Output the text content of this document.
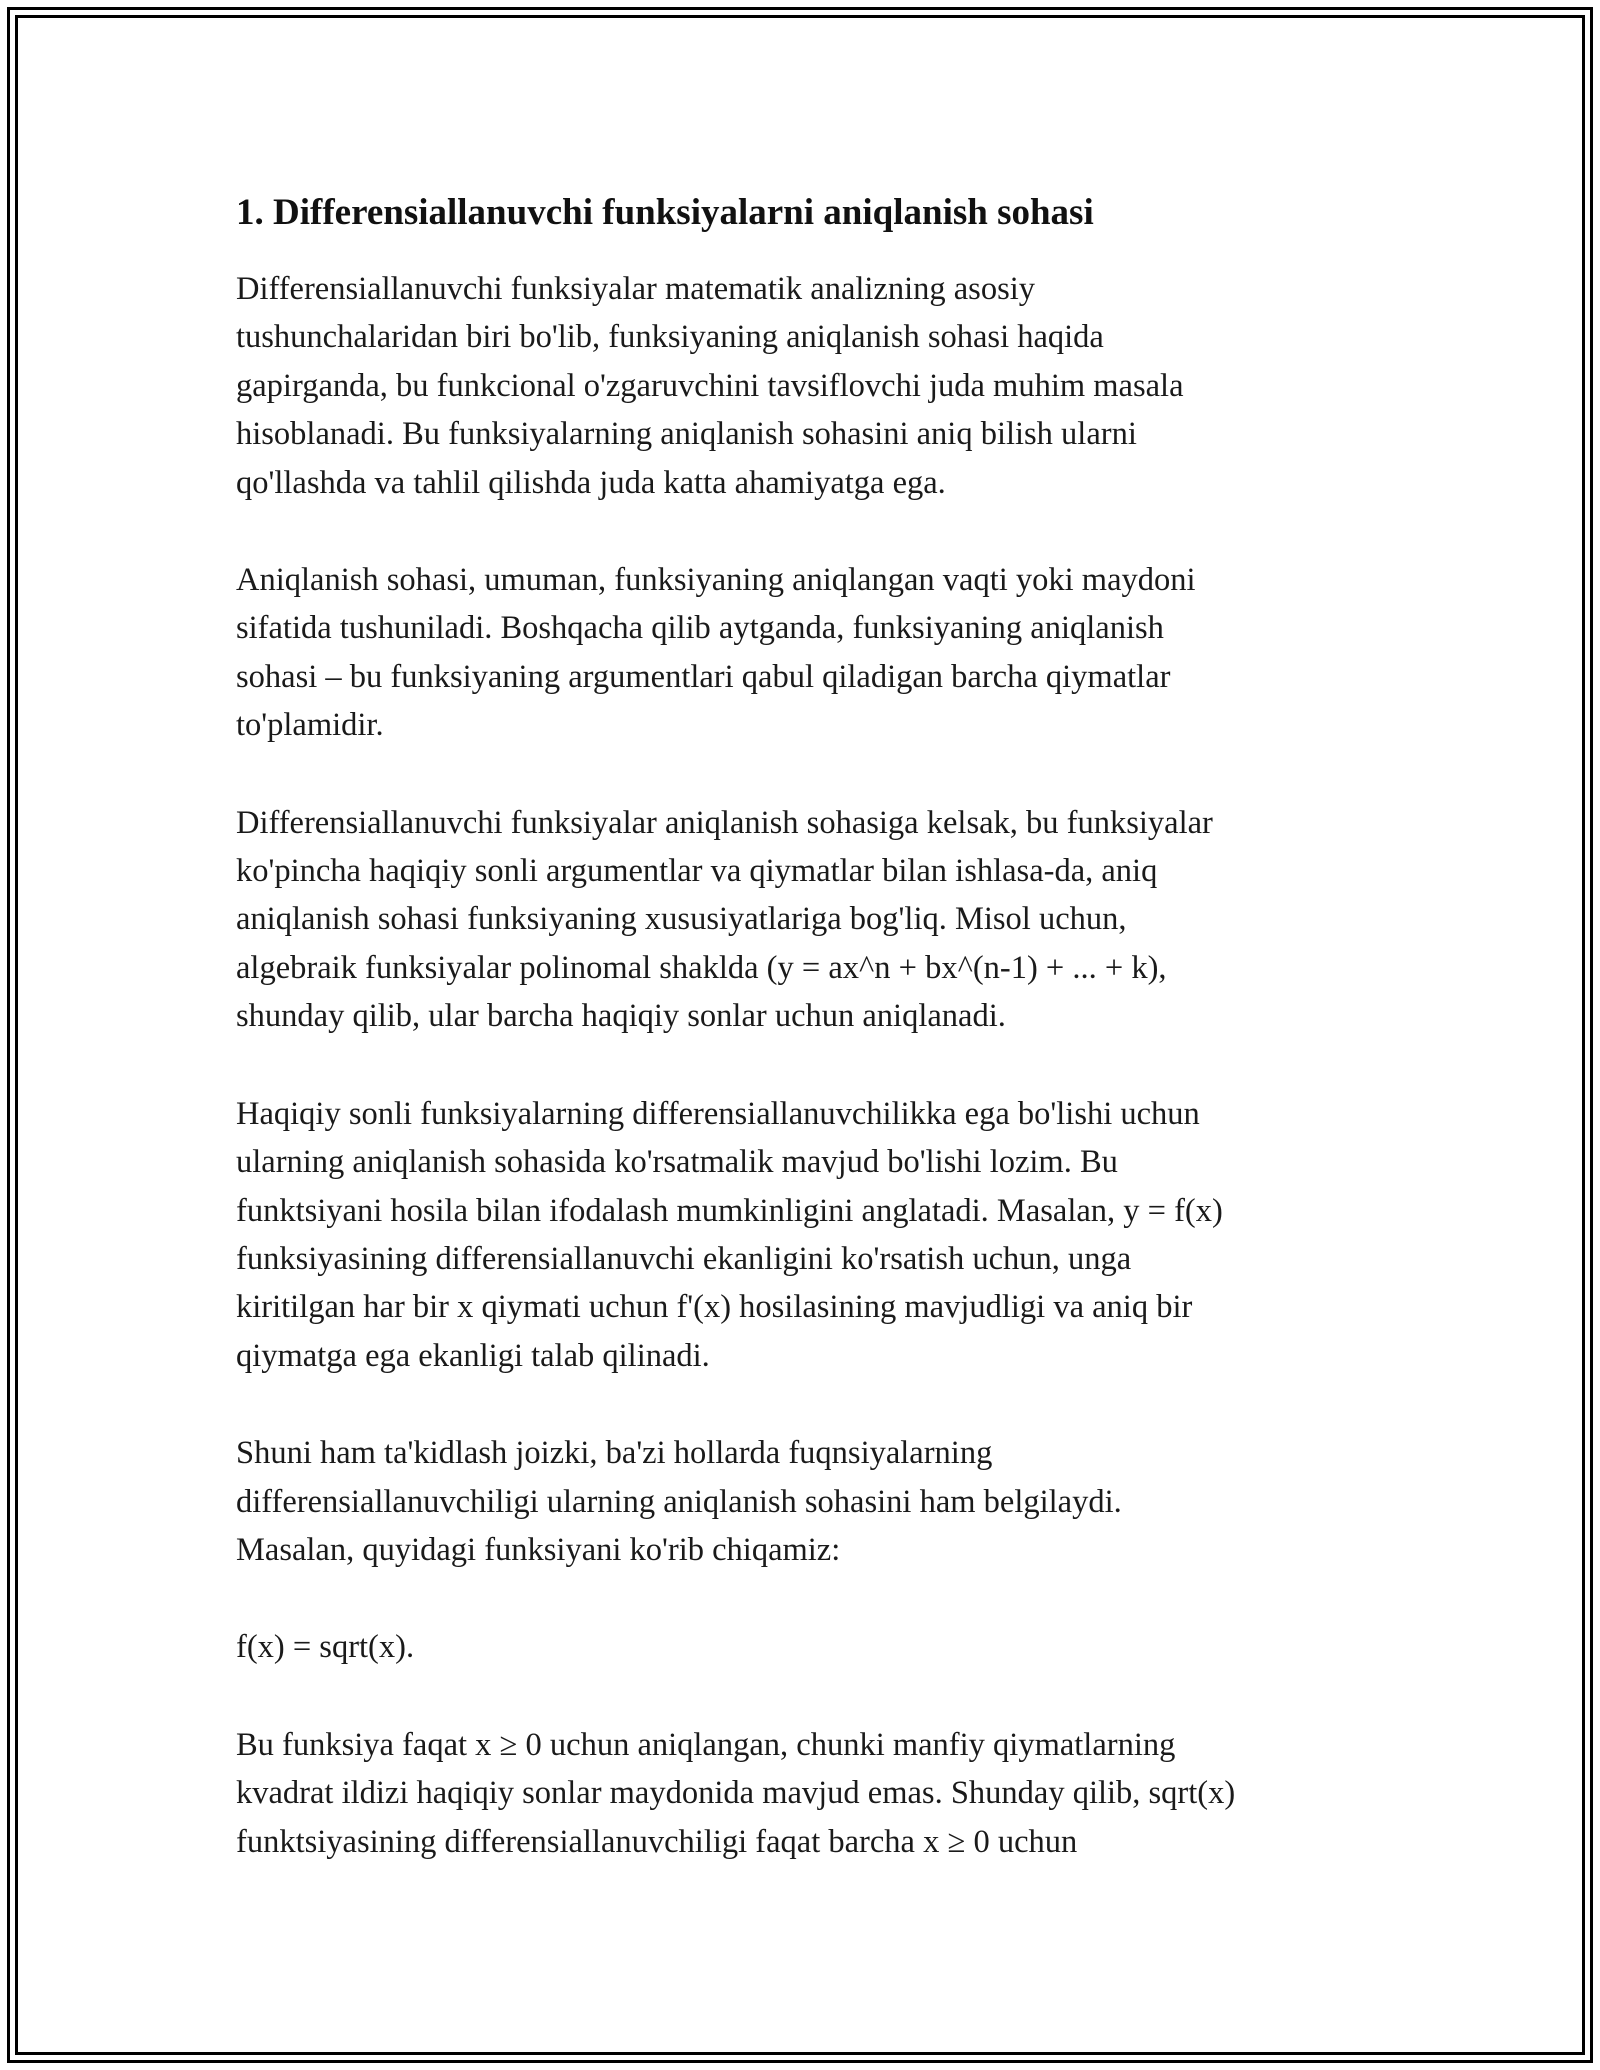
1. Differensiallanuvchi funksiyalarni aniqlanish sohasi

Differensiallanuvchi funksiyalar matematik analizning asosiy
tushunchalaridan biri bo'lib, funksiyaning aniqlanish sohasi haqida
gapirganda, bu funkcional o'zgaruvchini tavsiflovchi juda muhim masala
hisoblanadi. Bu funksiyalarning aniqlanish sohasini aniq bilish ularni
qo'llashda va tahlil qilishda juda katta ahamiyatga ega.

Aniqlanish sohasi, umuman, funksiyaning aniqlangan vaqti yoki maydoni
sifatida tushuniladi. Boshqacha qilib aytganda, funksiyaning aniqlanish
sohasi – bu funksiyaning argumentlari qabul qiladigan barcha qiymatlar
to'plamidir.

Differensiallanuvchi funksiyalar aniqlanish sohasiga kelsak, bu funksiyalar
ko'pincha haqiqiy sonli argumentlar va qiymatlar bilan ishlasa-da, aniq
aniqlanish sohasi funksiyaning xususiyatlariga bog'liq. Misol uchun,
algebraik funksiyalar polinomal shaklda (y = ax^n + bx^(n-1) + ... + k),
shunday qilib, ular barcha haqiqiy sonlar uchun aniqlanadi.

Haqiqiy sonli funksiyalarning differensiallanuvchilikka ega bo'lishi uchun
ularning aniqlanish sohasida ko'rsatmalik mavjud bo'lishi lozim. Bu
funktsiyani hosila bilan ifodalash mumkinligini anglatadi. Masalan, y = f(x)
funksiyasining differensiallanuvchi ekanligini ko'rsatish uchun, unga
kiritilgan har bir x qiymati uchun f'(x) hosilasining mavjudligi va aniq bir
qiymatga ega ekanligi talab qilinadi.

Shuni ham ta'kidlash joizki, ba'zi hollarda fuqnsiyalarning
differensiallanuvchiligi ularning aniqlanish sohasini ham belgilaydi.
Masalan, quyidagi funksiyani ko'rib chiqamiz:

f(x) = sqrt(x).

Bu funksiya faqat x ≥ 0 uchun aniqlangan, chunki manfiy qiymatlarning
kvadrat ildizi haqiqiy sonlar maydonida mavjud emas. Shunday qilib, sqrt(x)
funktsiyasining differensiallanuvchiligi faqat barcha x ≥ 0 uchun
